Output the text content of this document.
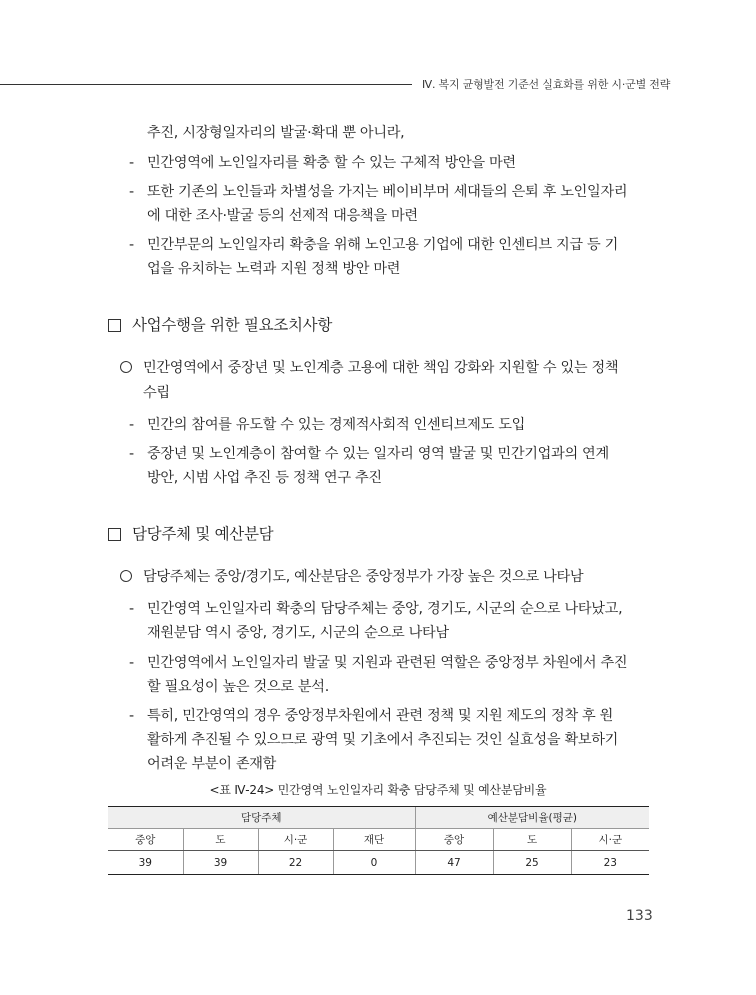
Ⅳ. 복지 균형발전 기준선 실효화를 위한 시·군별 전략
추진, 시장형일자리의 발굴·확대 뿐 아니라,
- 민간영역에 노인일자리를 확충 할 수 있는 구체적 방안을 마련
- 또한 기존의 노인들과 차별성을 가지는 베이비부머 세대들의 은퇴 후 노인일자리
에 대한 조사·발굴 등의 선제적 대응책을 마련
- 민간부문의 노인일자리 확충을 위해 노인고용 기업에 대한 인센티브 지급 등 기
업을 유치하는 노력과 지원 정책 방안 마련
사업수행을 위한 필요조치사항
민간영역에서 중장년 및 노인계층 고용에 대한 책임 강화와 지원할 수 있는 정책
수립
- 민간의 참여를 유도할 수 있는 경제적사회적 인센티브제도 도입
- 중장년 및 노인계층이 참여할 수 있는 일자리 영역 발굴 및 민간기업과의 연계
방안, 시범 사업 추진 등 정책 연구 추진
담당주체 및 예산분담
담당주체는 중앙/경기도, 예산분담은 중앙정부가 가장 높은 것으로 나타남
- 민간영역 노인일자리 확충의 담당주체는 중앙, 경기도, 시군의 순으로 나타났고,
재원분담 역시 중앙, 경기도, 시군의 순으로 나타남
- 민간영역에서 노인일자리 발굴 및 지원과 관련된 역할은 중앙정부 차원에서 추진
할 필요성이 높은 것으로 분석.
- 특히, 민간영역의 경우 중앙정부차원에서 관련 정책 및 지원 제도의 정착 후 원
활하게 추진될 수 있으므로 광역 및 기초에서 추진되는 것인 실효성을 확보하기
어려운 부분이 존재함
<표 Ⅳ-24> 민간영역 노인일자리 확충 담당주체 및 예산분담비율
담당주체				예산분담비율(평균)		
중앙	도	시·군	재단	중앙	도	시·군
39	39	22	0	47	25	23
133
